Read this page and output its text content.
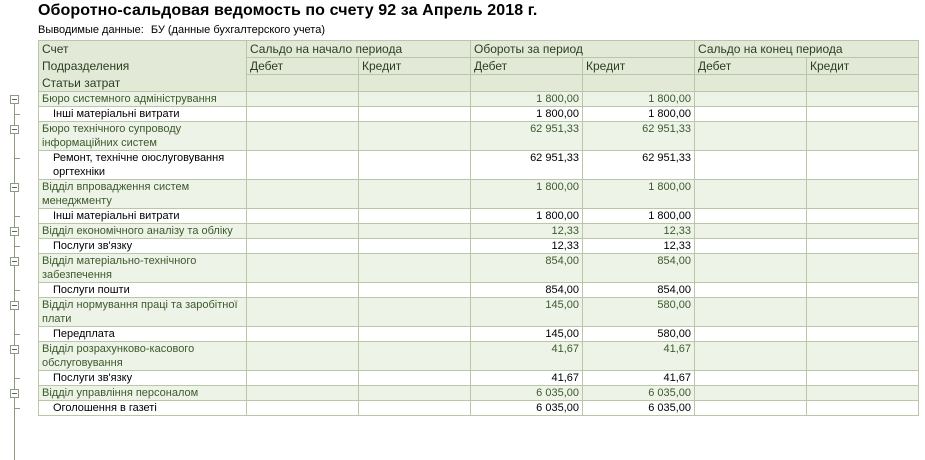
Оборотно-сальдовая ведомость по счету 92 за Апрель 2018 г.
Выводимые данные: БУ (данные бухгалтерского учета)
Счет	Сальдо на начало периода		Обороты за период		Сальдо на конец периода	
Подразделения	Дебет	Кредит	Дебет	Кредит	Дебет	Кредит
Статьи затрат						
Бюро системного адміністрування			1 800,00	1 800,00		
Інші матеріальні витрати			1 800,00	1 800,00		
Бюро технічного супроводу інформаційних систем			62 951,33	62 951,33		
Ремонт, технічне оюслуговування оргтехніки			62 951,33	62 951,33		
Відділ впровадження систем менеджменту			1 800,00	1 800,00		
Інші матеріальні витрати			1 800,00	1 800,00		
Відділ економічного аналізу та обліку			12,33	12,33		
Послуги зв'язку			12,33	12,33		
Відділ матеріально-технічного забезпечення			854,00	854,00		
Послуги пошти			854,00	854,00		
Відділ нормування праці та заробітної плати			145,00	580,00		
Передплата			145,00	580,00		
Відділ розрахунково-касового обслуговування			41,67	41,67		
Послуги зв'язку			41,67	41,67		
Відділ управління персоналом			6 035,00	6 035,00		
Оголошення в газеті			6 035,00	6 035,00		
